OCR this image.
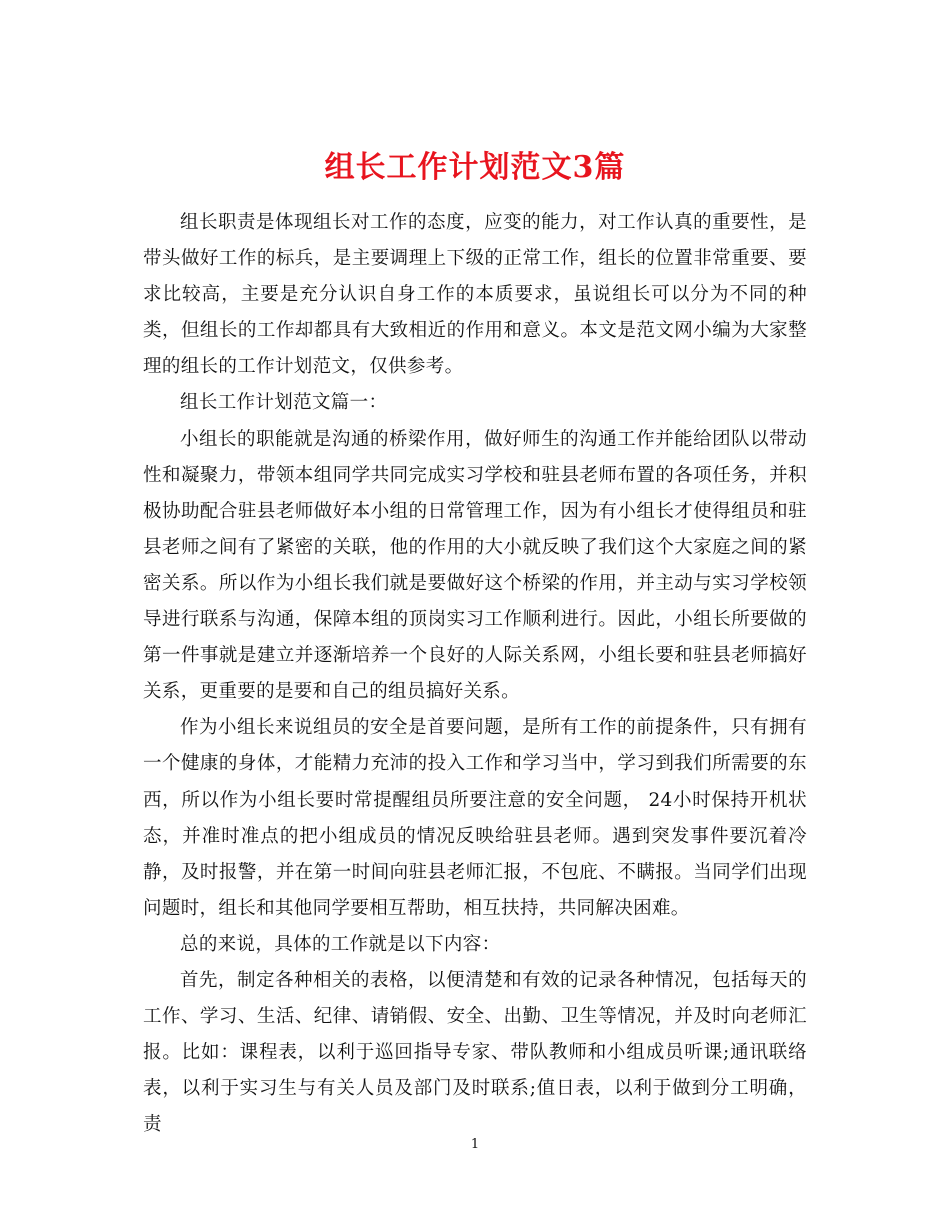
组长工作计划范文3篇

组长职责是体现组长对工作的态度，应变的能力，对工作认真的重要性，是带头做好工作的标兵，是主要调理上下级的正常工作，组长的位置非常重要、要求比较高，主要是充分认识自身工作的本质要求，虽说组长可以分为不同的种类，但组长的工作却都具有大致相近的作用和意义。本文是范文网小编为大家整理的组长的工作计划范文，仅供参考。

组长工作计划范文篇一：

小组长的职能就是沟通的桥梁作用，做好师生的沟通工作并能给团队以带动性和凝聚力，带领本组同学共同完成实习学校和驻县老师布置的各项任务，并积极协助配合驻县老师做好本小组的日常管理工作，因为有小组长才使得组员和驻县老师之间有了紧密的关联，他的作用的大小就反映了我们这个大家庭之间的紧密关系。所以作为小组长我们就是要做好这个桥梁的作用，并主动与实习学校领导进行联系与沟通，保障本组的顶岗实习工作顺利进行。因此，小组长所要做的第一件事就是建立并逐渐培养一个良好的人际关系网，小组长要和驻县老师搞好关系，更重要的是要和自己的组员搞好关系。

作为小组长来说组员的安全是首要问题，是所有工作的前提条件，只有拥有一个健康的身体，才能精力充沛的投入工作和学习当中，学习到我们所需要的东西，所以作为小组长要时常提醒组员所要注意的安全问题， 24小时保持开机状态，并准时准点的把小组成员的情况反映给驻县老师。遇到突发事件要沉着冷静，及时报警，并在第一时间向驻县老师汇报，不包庇、不瞒报。当同学们出现问题时，组长和其他同学要相互帮助，相互扶持，共同解决困难。

总的来说，具体的工作就是以下内容：

首先，制定各种相关的表格，以便清楚和有效的记录各种情况，包括每天的工作、学习、生活、纪律、请销假、安全、出勤、卫生等情况，并及时向老师汇报。比如：课程表，以利于巡回指导专家、带队教师和小组成员听课;通讯联络表，以利于实习生与有关人员及部门及时联系;值日表，以利于做到分工明确，责

1
